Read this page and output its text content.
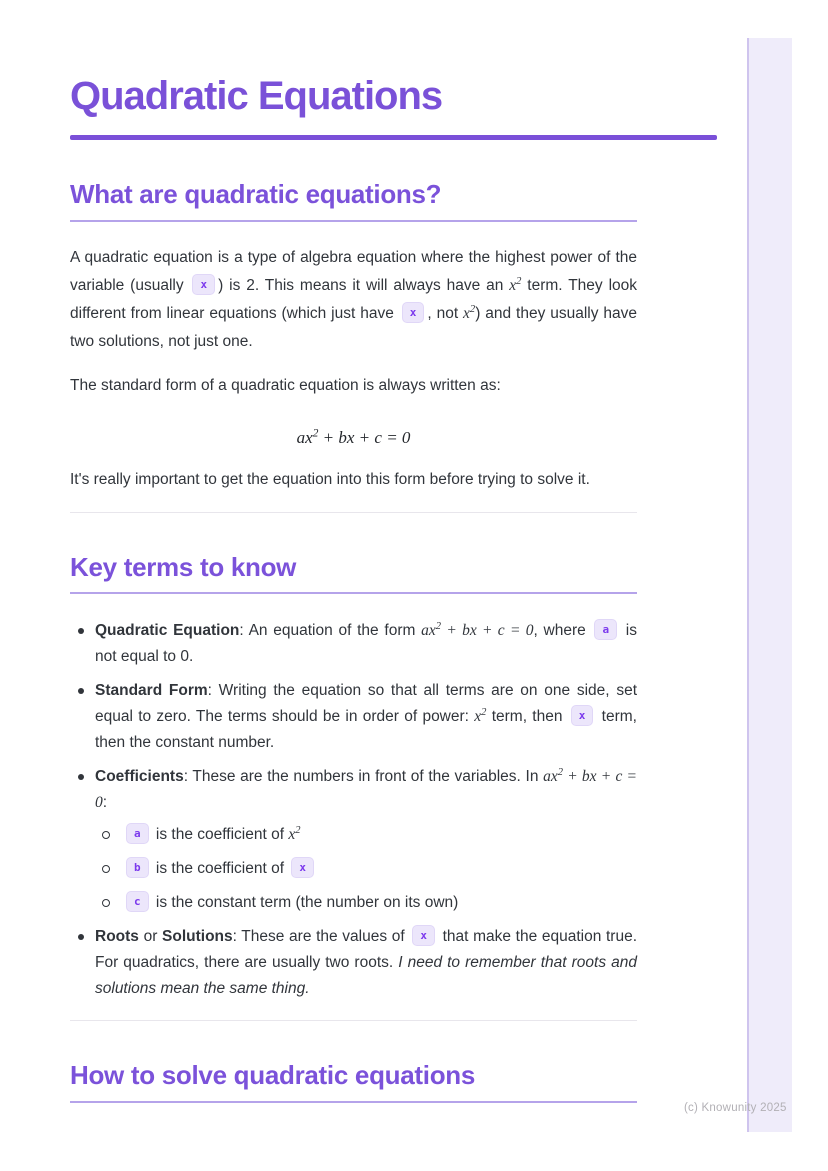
(c) Knowunity 2025
Quadratic Equations
What are quadratic equations?

A quadratic equation is a type of algebra equation where the highest power of the variable (usually x ) is 2. This means it will always have an $x^2$ term. They look different from linear equations (which just have x , not $x^2$) and they usually have two solutions, not just one.

The standard form of a quadratic equation is always written as:

$ax^2$ + bx + c = 0

It's really important to get the equation into this form before trying to solve it.

Key terms to know
Quadratic Equation: An equation of the form $ax^2$ + bx + c = 0, where a is not equal to 0.
Standard Form: Writing the equation so that all terms are on one side, set equal to zero. The terms should be in order of power: $x^2$ term, then x term, then the constant number.
Coefficients: These are the numbers in front of the variables. In $ax^2$ + bx + c = 0:
a is the coefficient of $x^2$
b is the coefficient of x
c is the constant term (the number on its own)
Roots or Solutions: These are the values of x that make the equation true. For quadratics, there are usually two roots. I need to remember that roots and solutions mean the same thing.
How to solve quadratic equations
